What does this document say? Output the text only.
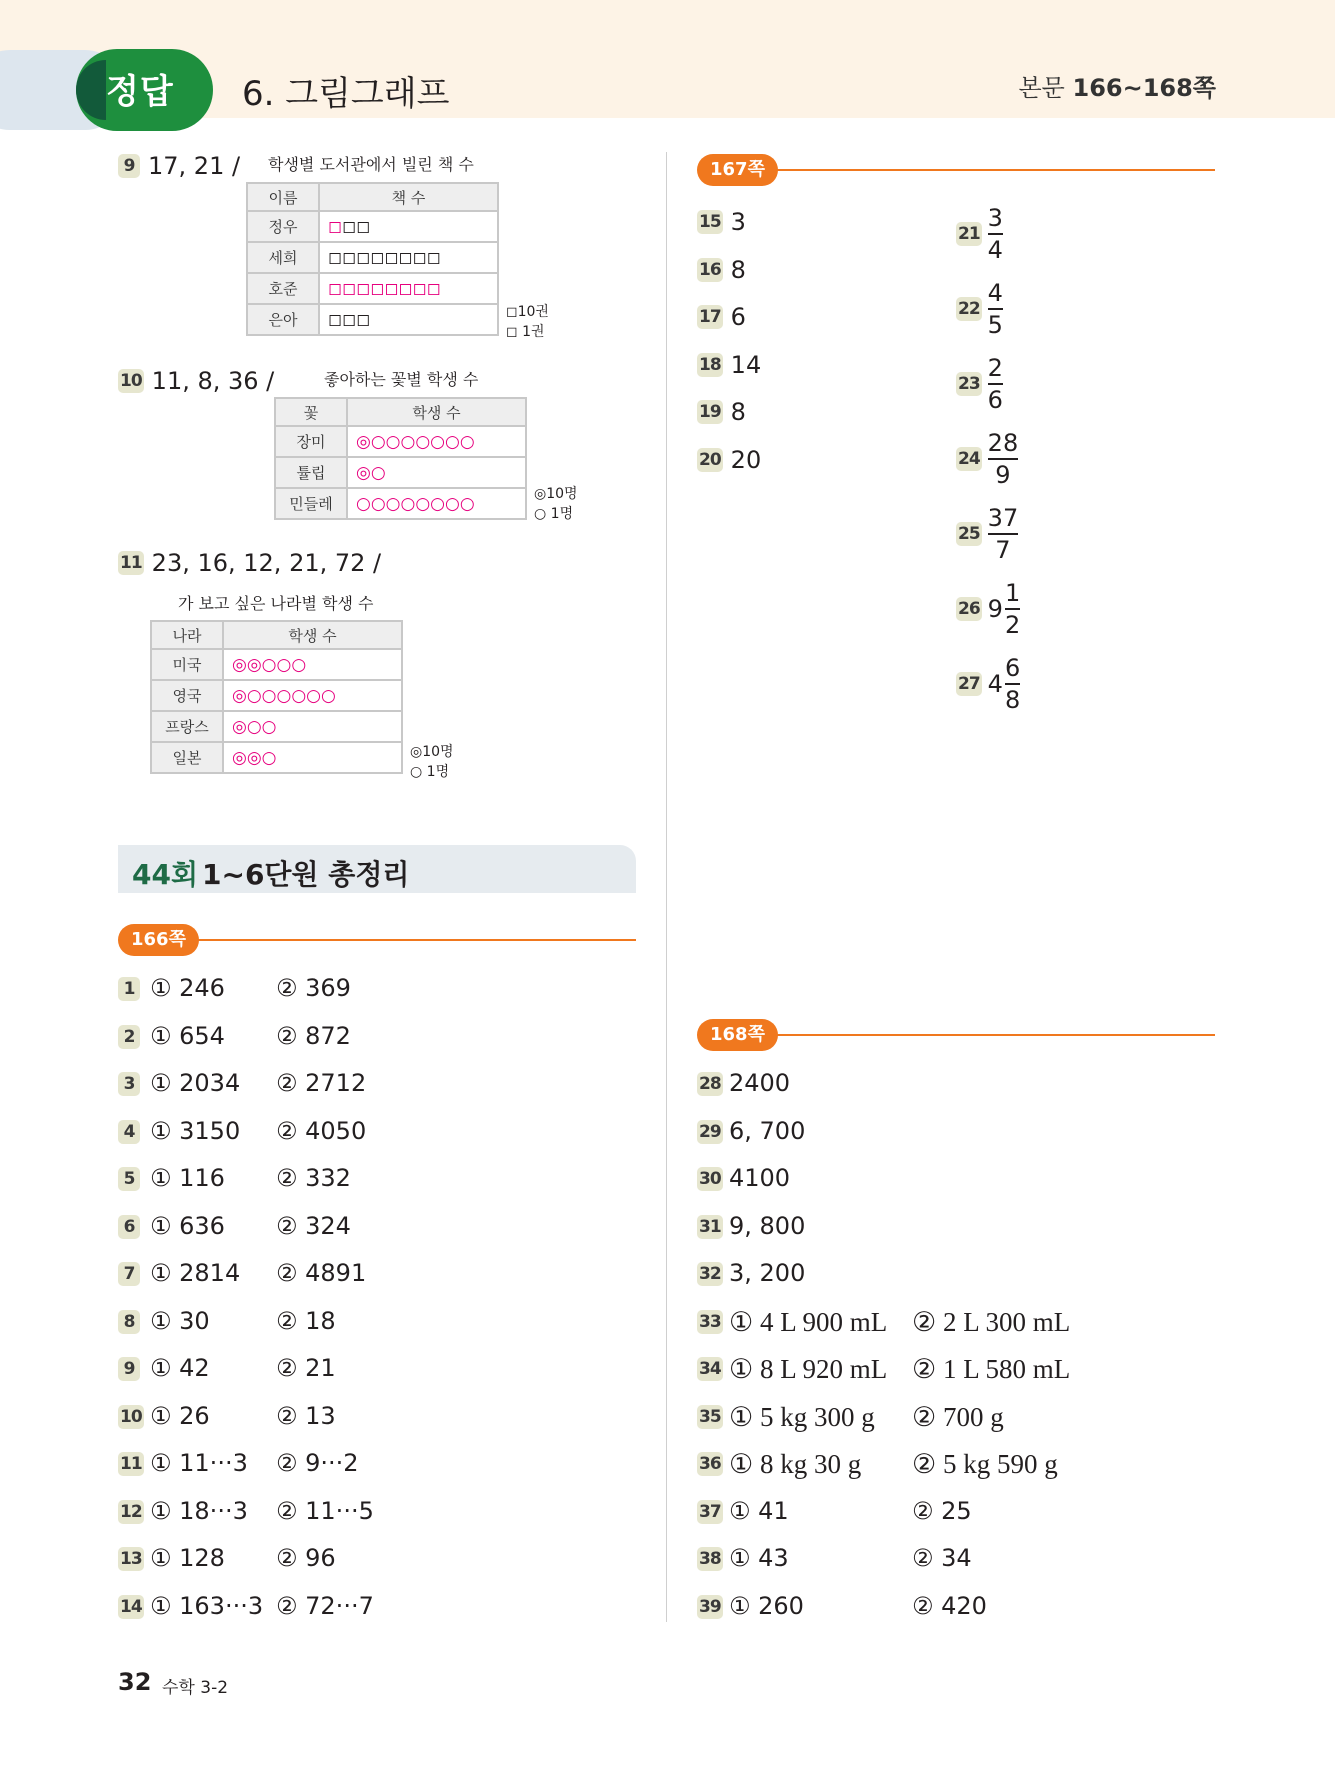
정답 6. 그림그래프	본문 166~168쪽
9 17, 21 / 학생별 도서관에서 빌린 책 수
이름	책 수
정우	◻◻◻
세희	◻◻◻◻◻◻◻◻
호준	◻◻◻◻◻◻◻◻
은아	◻◻◻	◻10권
◻ 1권
10 11, 8, 36 /	좋아하는 꽃별 학생 수
꽃	학생 수
장미	◎○○○○○○○
튤립	◎○
민들레	○○○○○○○○	◎10명
○ 1명
11 23, 16, 12, 21, 72 /
가 보고 싶은 나라별 학생 수
나라	학생 수
미국	◎◎○○○
영국	◎○○○○○○
프랑스	◎○○
일본	◎◎○	◎10명
○ 1명
44회 1~6단원 총정리
166쪽
1 ① 246 ② 369
2 ① 654 ② 872
3 ① 2034 ② 2712
4 ① 3150 ② 4050
5 ① 116 ② 332
6 ① 636 ② 324
7 ① 2814 ② 4891
8 ① 30	② 18
9 ① 42	② 21
10 ① 26	② 13
11 ① 11···3 ② 9···2
12 ① 18···3 ② 11···5
13 ① 128 ② 96
14 ① 163···3 ② 72···7
167쪽
15 3
16 8
17 6
18 14
19 8
20 20
$21 \frac{3}{4}$
$22 \frac{4}{5}$
$23 \frac{2}{6}$
$24 \frac{28}{9}$
$25 \frac{37}{7}$
26 $9 \frac{1}{2}$
27 $4 \frac{6}{8}$
168쪽
28 2400
29 6, 700
30 4100
31 9, 800
32 3, 200
33 ① 4 L 900 mL ② 2 L 300 mL
34 ① 8 L 920 mL ② 1 L 580 mL
35 ① 5 kg 300 g ② 700 g
36 ① 8 kg 30 g ② 5 kg 590 g
37 ① 41	② 25
38 ① 43	② 34
39 ① 260	② 420
32 수학 3-2
